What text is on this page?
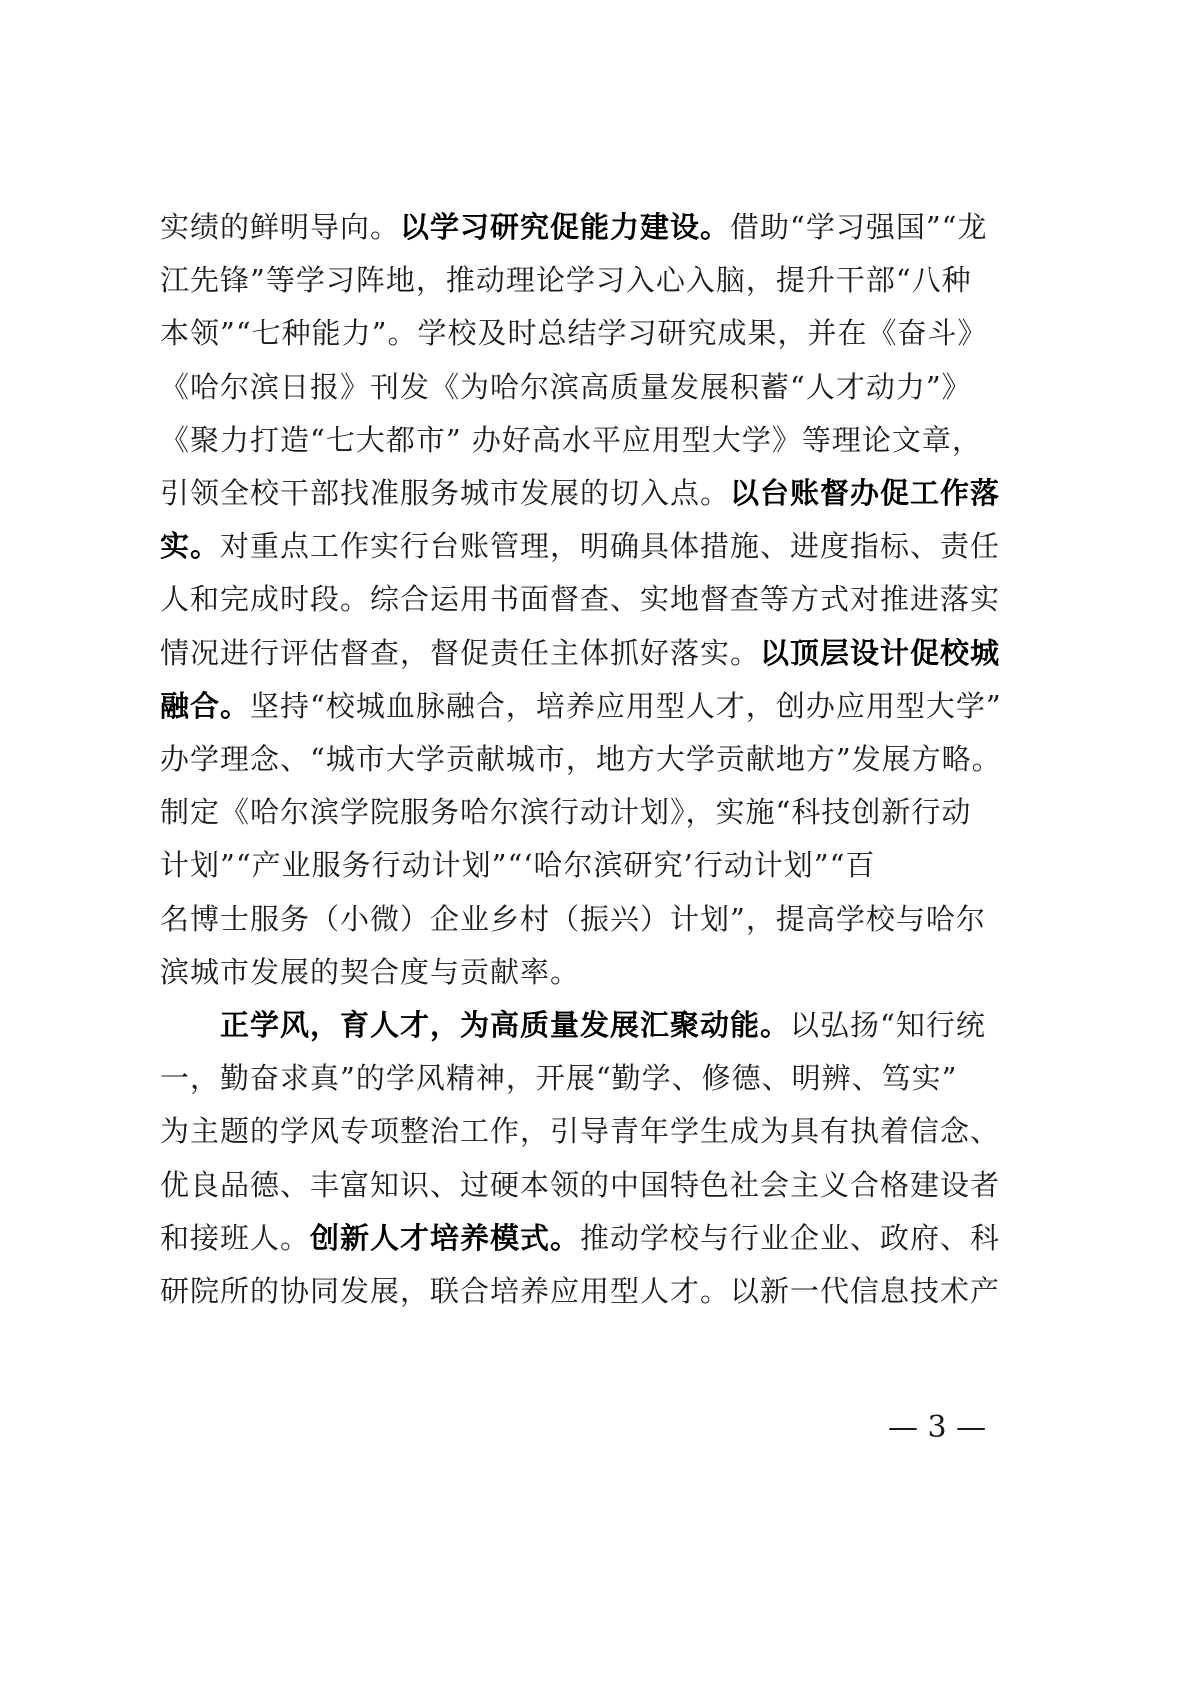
实绩的鲜明导向。以学习研究促能力建设。借助“学习强国”“龙
江先锋”等学习阵地，推动理论学习入心入脑，提升干部“八种
本领”“七种能力”。学校及时总结学习研究成果，并在《奋斗》
《哈尔滨日报》刊发《为哈尔滨高质量发展积蓄“人才动力”》
《聚力打造“七大都市” 办好高水平应用型大学》等理论文章，
引领全校干部找准服务城市发展的切入点。以台账督办促工作落
实。对重点工作实行台账管理，明确具体措施、进度指标、责任
人和完成时段。综合运用书面督查、实地督查等方式对推进落实
情况进行评估督查，督促责任主体抓好落实。以顶层设计促校城
融合。坚持“校城血脉融合，培养应用型人才，创办应用型大学”
办学理念、“城市大学贡献城市，地方大学贡献地方”发展方略。
制定《哈尔滨学院服务哈尔滨行动计划》，实施“科技创新行动
计划”“产业服务行动计划”“‘哈尔滨研究’行动计划”“百
名博士服务（小微）企业乡村（振兴）计划”，提高学校与哈尔
滨城市发展的契合度与贡献率。
　　正学风，育人才，为高质量发展汇聚动能。以弘扬“知行统
一，勤奋求真”的学风精神，开展“勤学、修德、明辨、笃实”
为主题的学风专项整治工作，引导青年学生成为具有执着信念、
优良品德、丰富知识、过硬本领的中国特色社会主义合格建设者
和接班人。创新人才培养模式。推动学校与行业企业、政府、科
研院所的协同发展，联合培养应用型人才。以新一代信息技术产
— 3 —
